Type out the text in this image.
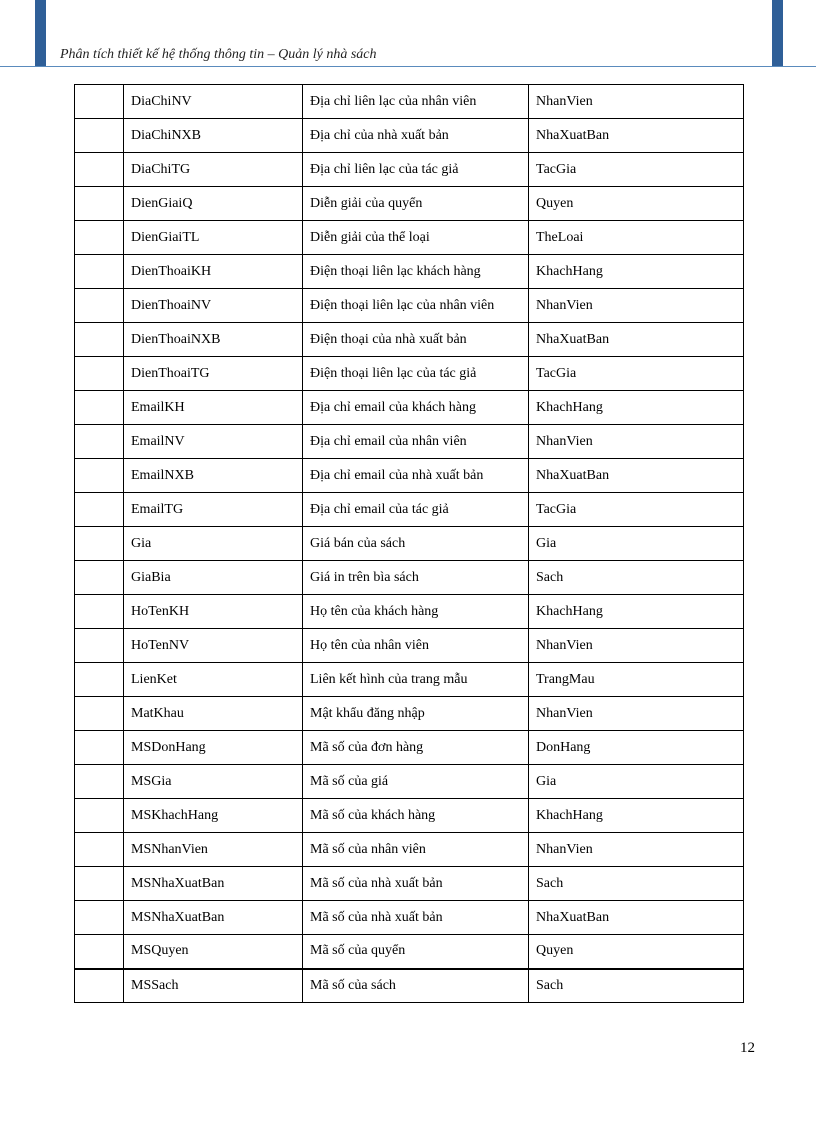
Phân tích thiết kế hệ thống thông tin – Quản lý nhà sách
	DiaChiNV	Địa chỉ liên lạc của nhân viên	NhanVien
	DiaChiNXB	Địa chỉ của nhà xuất bản	NhaXuatBan
	DiaChiTG	Địa chỉ liên lạc của tác giả	TacGia
	DienGiaiQ	Diễn giải của quyển	Quyen
	DienGiaiTL	Diễn giải của thể loại	TheLoai
	DienThoaiKH	Điện thoại liên lạc khách hàng	KhachHang
	DienThoaiNV	Điện thoại liên lạc của nhân viên	NhanVien
	DienThoaiNXB	Điện thoại của nhà xuất bản	NhaXuatBan
	DienThoaiTG	Điện thoại liên lạc của tác giả	TacGia
	EmailKH	Địa chỉ email của khách hàng	KhachHang
	EmailNV	Địa chỉ email của nhân viên	NhanVien
	EmailNXB	Địa chỉ email của nhà xuất bản	NhaXuatBan
	EmailTG	Địa chỉ email của tác giả	TacGia
	Gia	Giá bán của sách	Gia
	GiaBia	Giá in trên bìa sách	Sach
	HoTenKH	Họ tên của khách hàng	KhachHang
	HoTenNV	Họ tên của nhân viên	NhanVien
	LienKet	Liên kết hình của trang mẫu	TrangMau
	MatKhau	Mật khẩu đăng nhập	NhanVien
	MSDonHang	Mã số của đơn hàng	DonHang
	MSGia	Mã số của giá	Gia
	MSKhachHang	Mã số của khách hàng	KhachHang
	MSNhanVien	Mã số của nhân viên	NhanVien
	MSNhaXuatBan	Mã số của nhà xuất bản	Sach
	MSNhaXuatBan	Mã số của nhà xuất bản	NhaXuatBan
	MSQuyen	Mã số của quyển	Quyen
	MSSach	Mã số của sách	Sach
12
